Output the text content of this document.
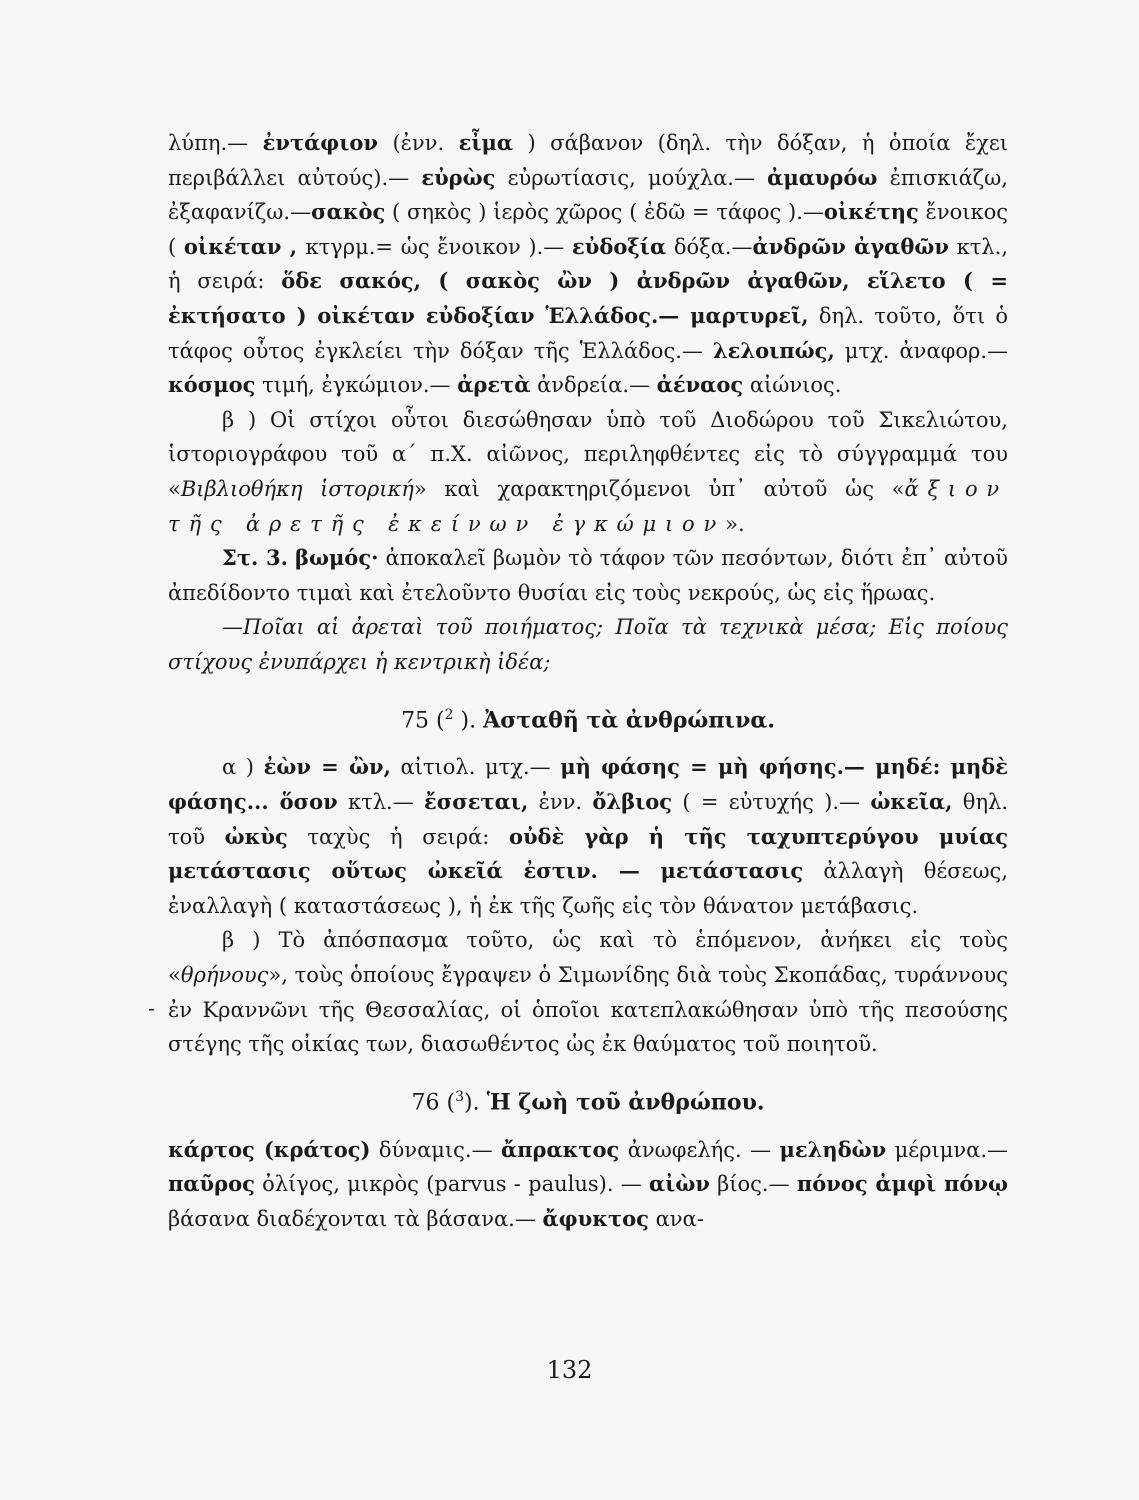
λύπη.— ἐντάφιον (ἐνν. εἶμα ) σάβανον (δηλ. τὴν δόξαν, ἡ ὁποία ἔχει περιβάλλει αὐτούς).— εὐρὼς εὐρωτίασις, μούχλα.— ἀμαυρόω ἐπισκιάζω, ἐξαφανίζω.—σακὸς ( σηκὸς ) ἱερὸς χῶρος ( ἐδῶ = τάφος ).—οἰκέτης ἔνοικος ( οἰκέταν , κτγρμ.= ὡς ἔνοικον ).— εὐδοξία δόξα.—ἀνδρῶν ἀγαθῶν κτλ., ἡ σειρά: ὅδε σακός, ( σακὸς ὢν ) ἀνδρῶν ἀγαθῶν, εἵλετο ( = ἐκτήσατο ) οἰκέταν εὐδοξίαν Ἑλλάδος.— μαρτυρεῖ, δηλ. τοῦτο, ὅτι ὁ τάφος οὗτος ἐγκλείει τὴν δόξαν τῆς Ἑλλάδος.— λελοιπώς, μτχ. ἀναφορ.— κόσμος τιμή, ἐγκώμιον.— ἀρετὰ ἀνδρεία.— ἀέναος αἰώνιος.

β ) Οἱ στίχοι οὗτοι διεσώθησαν ὑπὸ τοῦ Διοδώρου τοῦ Σικελιώτου, ἱστοριογράφου τοῦ α΄ π.Χ. αἰῶνος, περιληφθέντες εἰς τὸ σύγγραμμά του «Βιβλιοθήκη ἱστορική» καὶ χαρακτηριζόμενοι ὑπ᾽ αὐτοῦ ὡς «ἄξιον τῆς ἀρετῆς ἐκείνων ἐγκώμιον».

Στ. 3. βωμός· ἀποκαλεῖ βωμὸν τὸ τάφον τῶν πεσόντων, διότι ἐπ᾽ αὐτοῦ ἀπεδίδοντο τιμαὶ καὶ ἐτελοῦντο θυσίαι εἰς τοὺς νεκρούς, ὡς εἰς ἥρωας.

—Ποῖαι αἱ ἀρεταὶ τοῦ ποιήματος; Ποῖα τὰ τεχνικὰ μέσα; Εἰς ποίους στίχους ἐνυπάρχει ἡ κεντρικὴ ἰδέα;

75 ($^2$ ). Ἀσταθῆ τὰ ἀνθρώπινα.

α ) ἐὼν = ὢν, αἰτιολ. μτχ.— μὴ φάσης = μὴ φήσης.— μηδέ: μηδὲ φάσης... ὅσον κτλ.— ἔσσεται, ἐνν. ὄλβιος ( = εὐτυχής ).— ὠκεῖα, θηλ. τοῦ ὠκὺς ταχὺς ἡ σειρά: οὐδὲ γὰρ ἡ τῆς ταχυπτερύγου μυίας μετάστασις οὕτως ὠκεῖά ἐστιν. — μετάστασις ἀλλαγὴ θέσεως, ἐναλλαγὴ ( καταστάσεως ), ἡ ἐκ τῆς ζωῆς εἰς τὸν θάνατον μετάβασις.

β ) Τὸ ἀπόσπασμα τοῦτο, ὡς καὶ τὸ ἑπόμενον, ἀνήκει εἰς τοὺς «θρήνους», τοὺς ὁποίους ἔγραψεν ὁ Σιμωνίδης διὰ τοὺς Σκοπάδας, τυράννους ἐν Κραννῶνι τῆς Θεσσαλίας, οἱ ὁποῖοι κατεπλακώθησαν ὑπὸ τῆς πεσούσης στέγης τῆς οἰκίας των, διασωθέντος ὡς ἐκ θαύματος τοῦ ποιητοῦ.

76 ($^3$). Ἡ ζωὴ τοῦ ἀνθρώπου.

κάρτος (κράτος) δύναμις.— ἄπρακτος ἀνωφελής. — μεληδὼν μέριμνα.— παῦρος ὀλίγος, μικρὸς (parvus - paulus). — αἰὼν βίος.— πόνος ἀμφὶ πόνῳ βάσανα διαδέχονται τὰ βάσανα.— ἄφυκτος ανα-

-
132
